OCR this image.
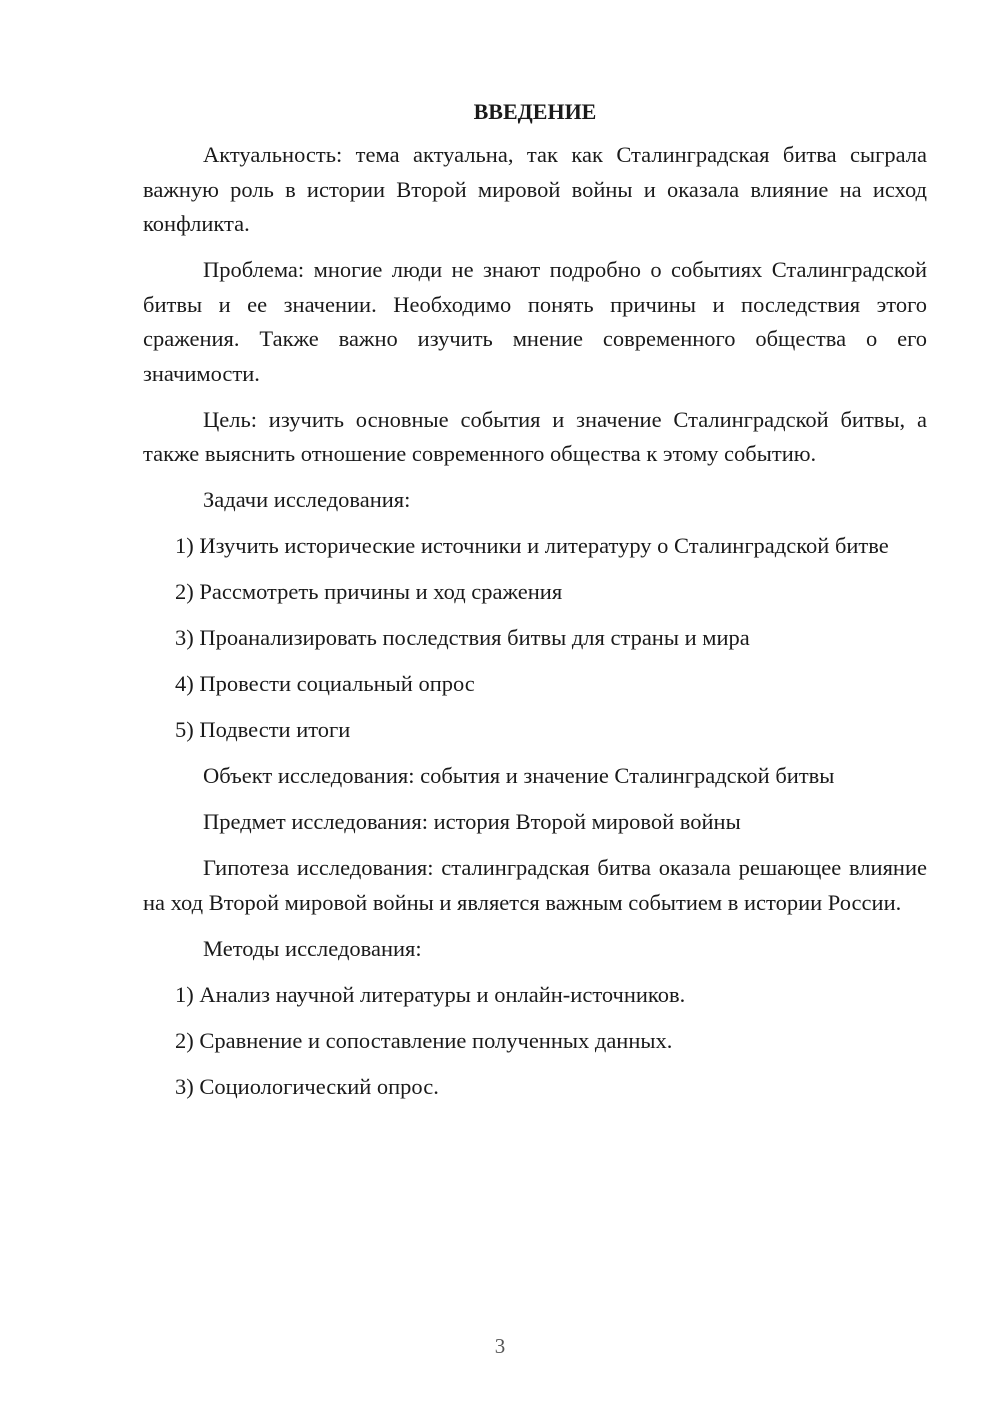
ВВЕДЕНИЕ

Актуальность: тема актуальна, так как Сталинградская битва сыграла важную роль в истории Второй мировой войны и оказала влияние на исход конфликта.

Проблема: многие люди не знают подробно о событиях Сталинградской битвы и ее значении. Необходимо понять причины и последствия этого сражения. Также важно изучить мнение современного общества о его значимости.

Цель: изучить основные события и значение Сталинградской битвы, а также выяснить отношение современного общества к этому событию.

Задачи исследования:

1) Изучить исторические источники и литературу о Сталинградской битве

2) Рассмотреть причины и ход сражения

3) Проанализировать последствия битвы для страны и мира

4) Провести социальный опрос

5) Подвести итоги

Объект исследования: события и значение Сталинградской битвы

Предмет исследования: история Второй мировой войны

Гипотеза исследования: сталинградская битва оказала решающее влияние на ход Второй мировой войны и является важным событием в истории России.

Методы исследования:

1) Анализ научной литературы и онлайн-источников.

2) Сравнение и сопоставление полученных данных.

3) Социологический опрос.

3
